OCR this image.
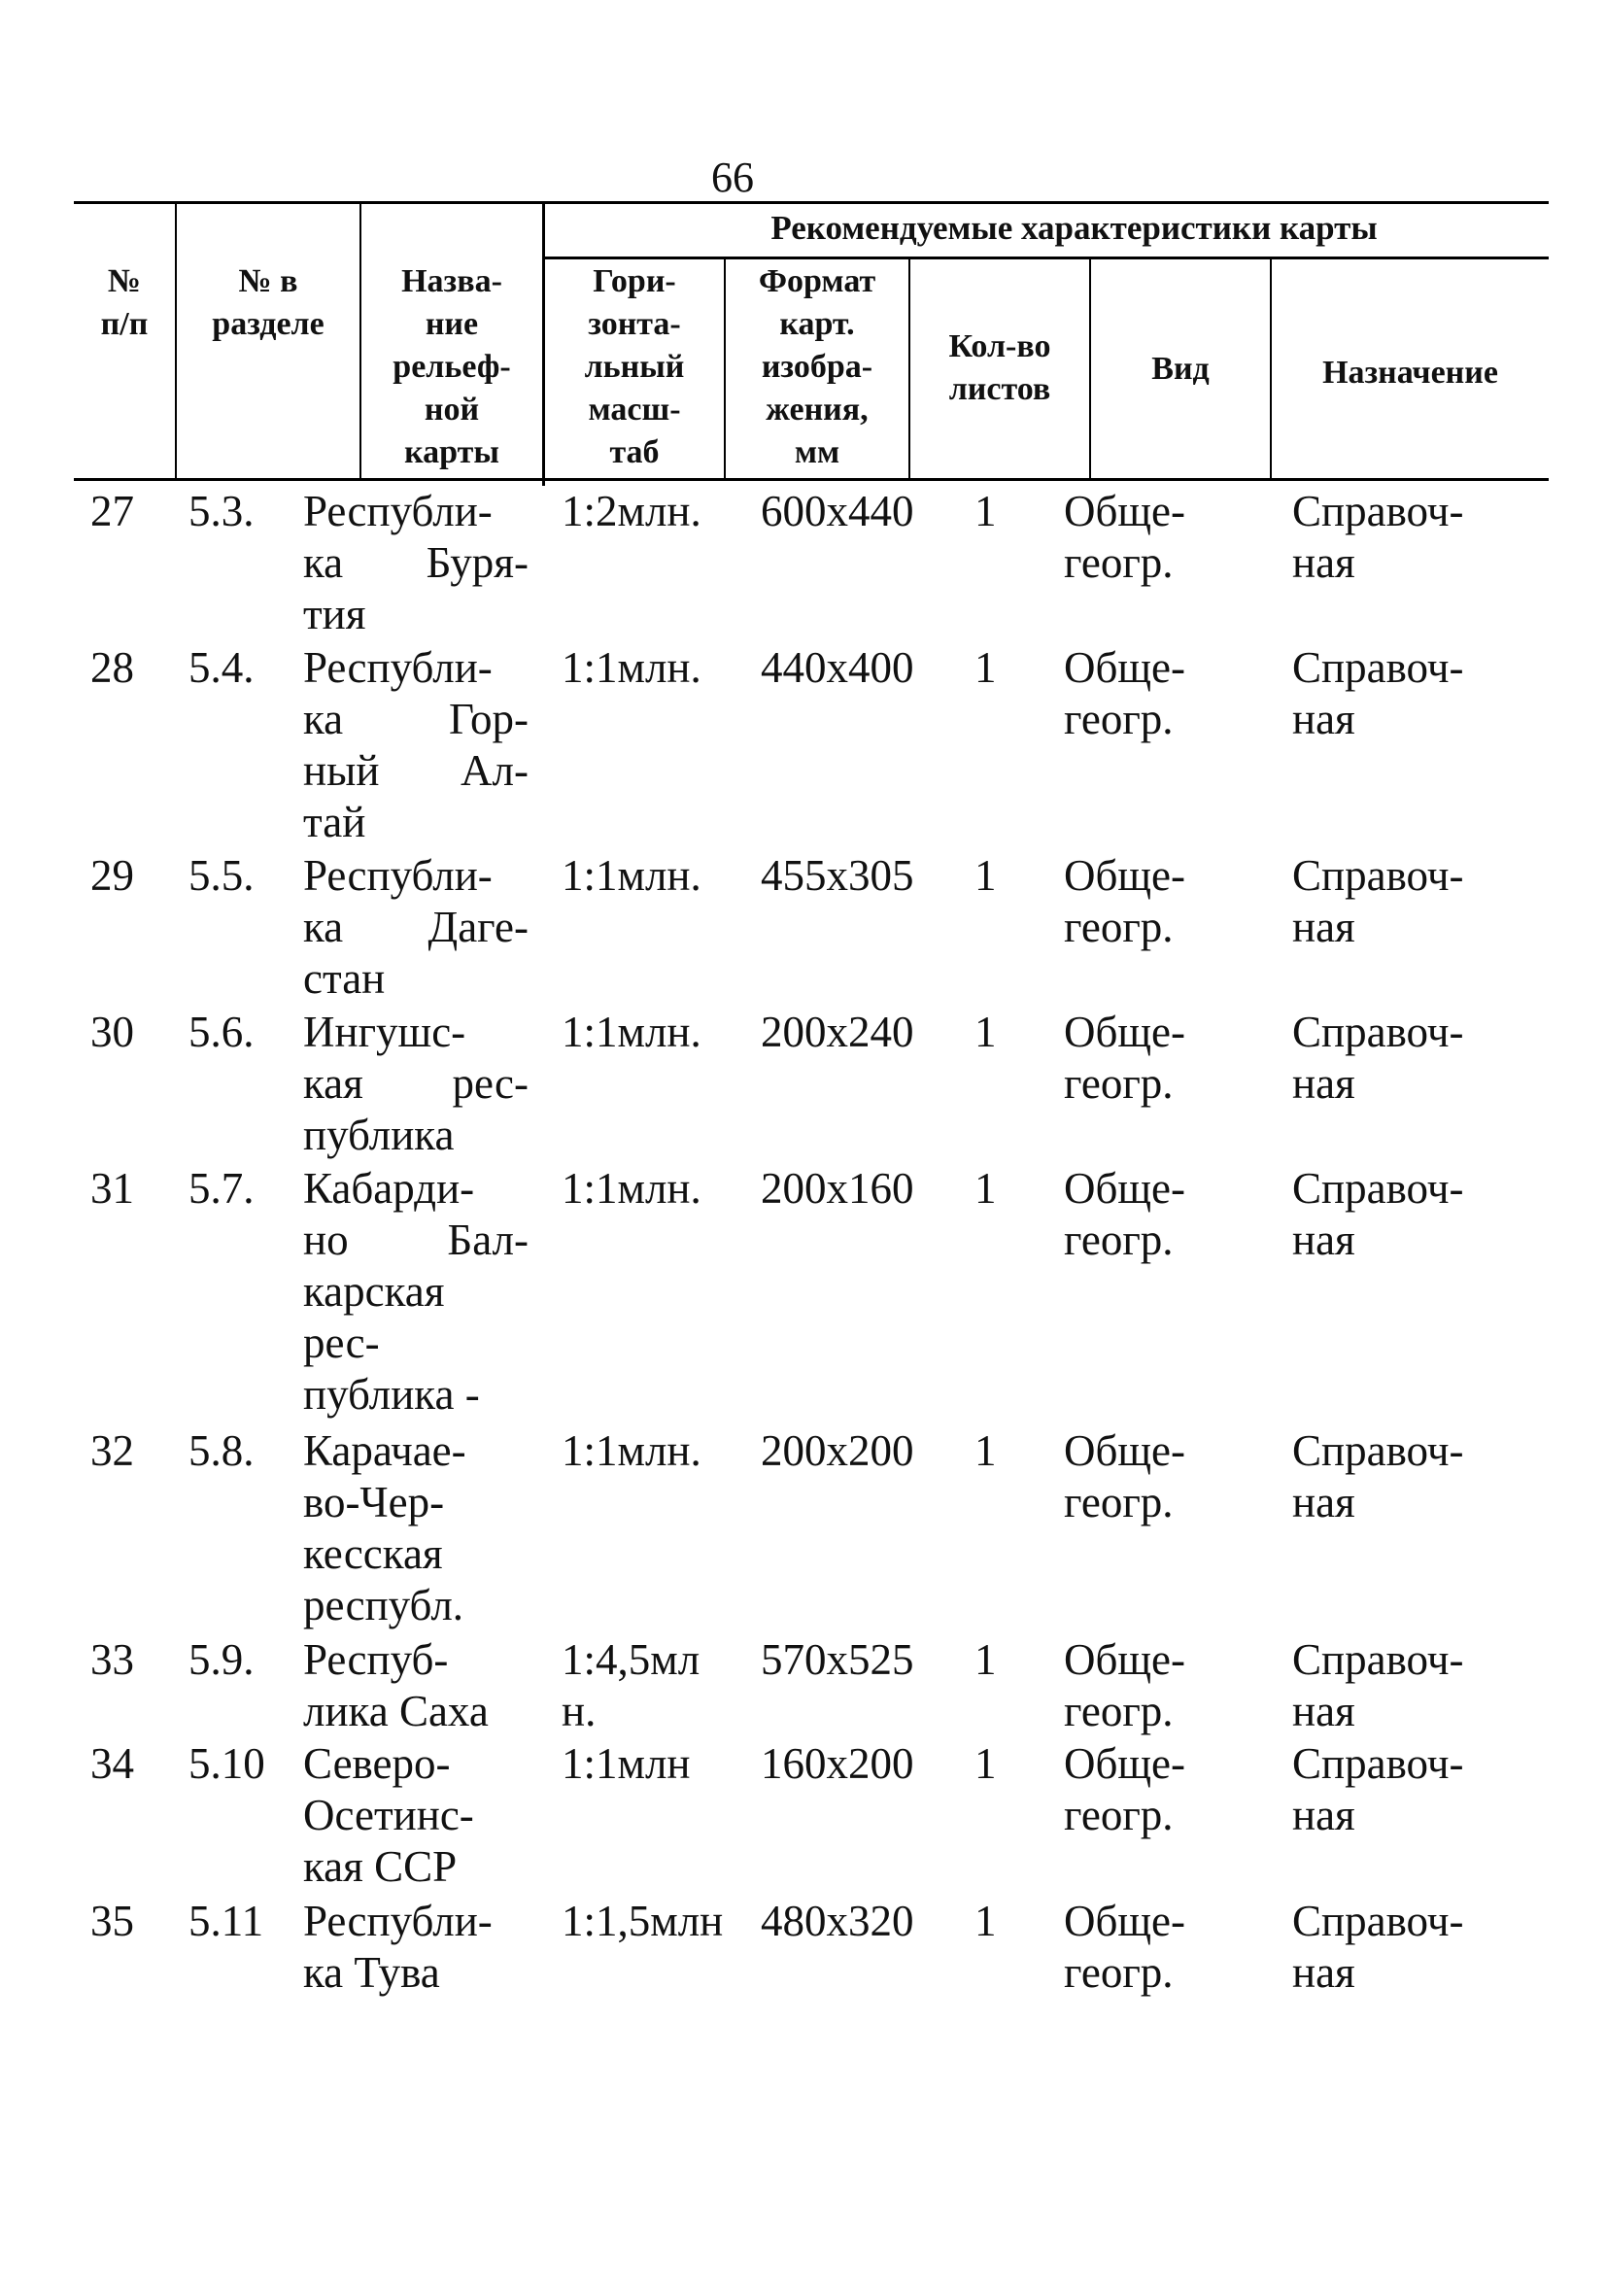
66
Рекомендуемые характеристики карты
№
п/п
№ в
разделе
Назва-
ние
рельеф-
ной
карты
Гори-
зонта-
льный
масш-
таб
Формат
карт.
изобра-
жения,
мм
Кол-во
листов
Вид	Назначение
27 5.3. Республи-
ка Буря-
тия
1:2млн. 600x440 1 Обще-
геогр.
Справоч-
ная
28 5.4. Республи-
ка Гор-
ный Ал-
тай
1:1млн. 440x400 1 Обще-
геогр.
Справоч-
ная
29 5.5. Республи-
ка Даге-
стан
1:1млн. 455x305 1 Обще-
геогр.
Справоч-
ная
30 5.6. Ингушс-
кая рес-
публика
1:1млн. 200x240 1 Обще-
геогр.
Справоч-
ная
31 5.7. Кабарди-
но Бал-
карская
рес-
публика -
1:1млн. 200x160 1 Обще-
геогр.
Справоч-
ная
32 5.8. Карачае-
во-Чер-
кесская
республ.
1:1млн. 200x200 1 Обще-
геогр.
Справоч-
ная
33 5.9. Респуб-
лика Саха
1:4,5мл
н.
570x525 1 Обще-
геогр.
Справоч-
ная
34 5.10 Северо-
Осетинс-
кая ССР
1:1млн 160x200 1 Обще-
геогр.
Справоч-
ная
35 5.11 Республи-
ка Тува
1:1,5млн 480x320 1 Обще-
геогр.
Справоч-
ная
